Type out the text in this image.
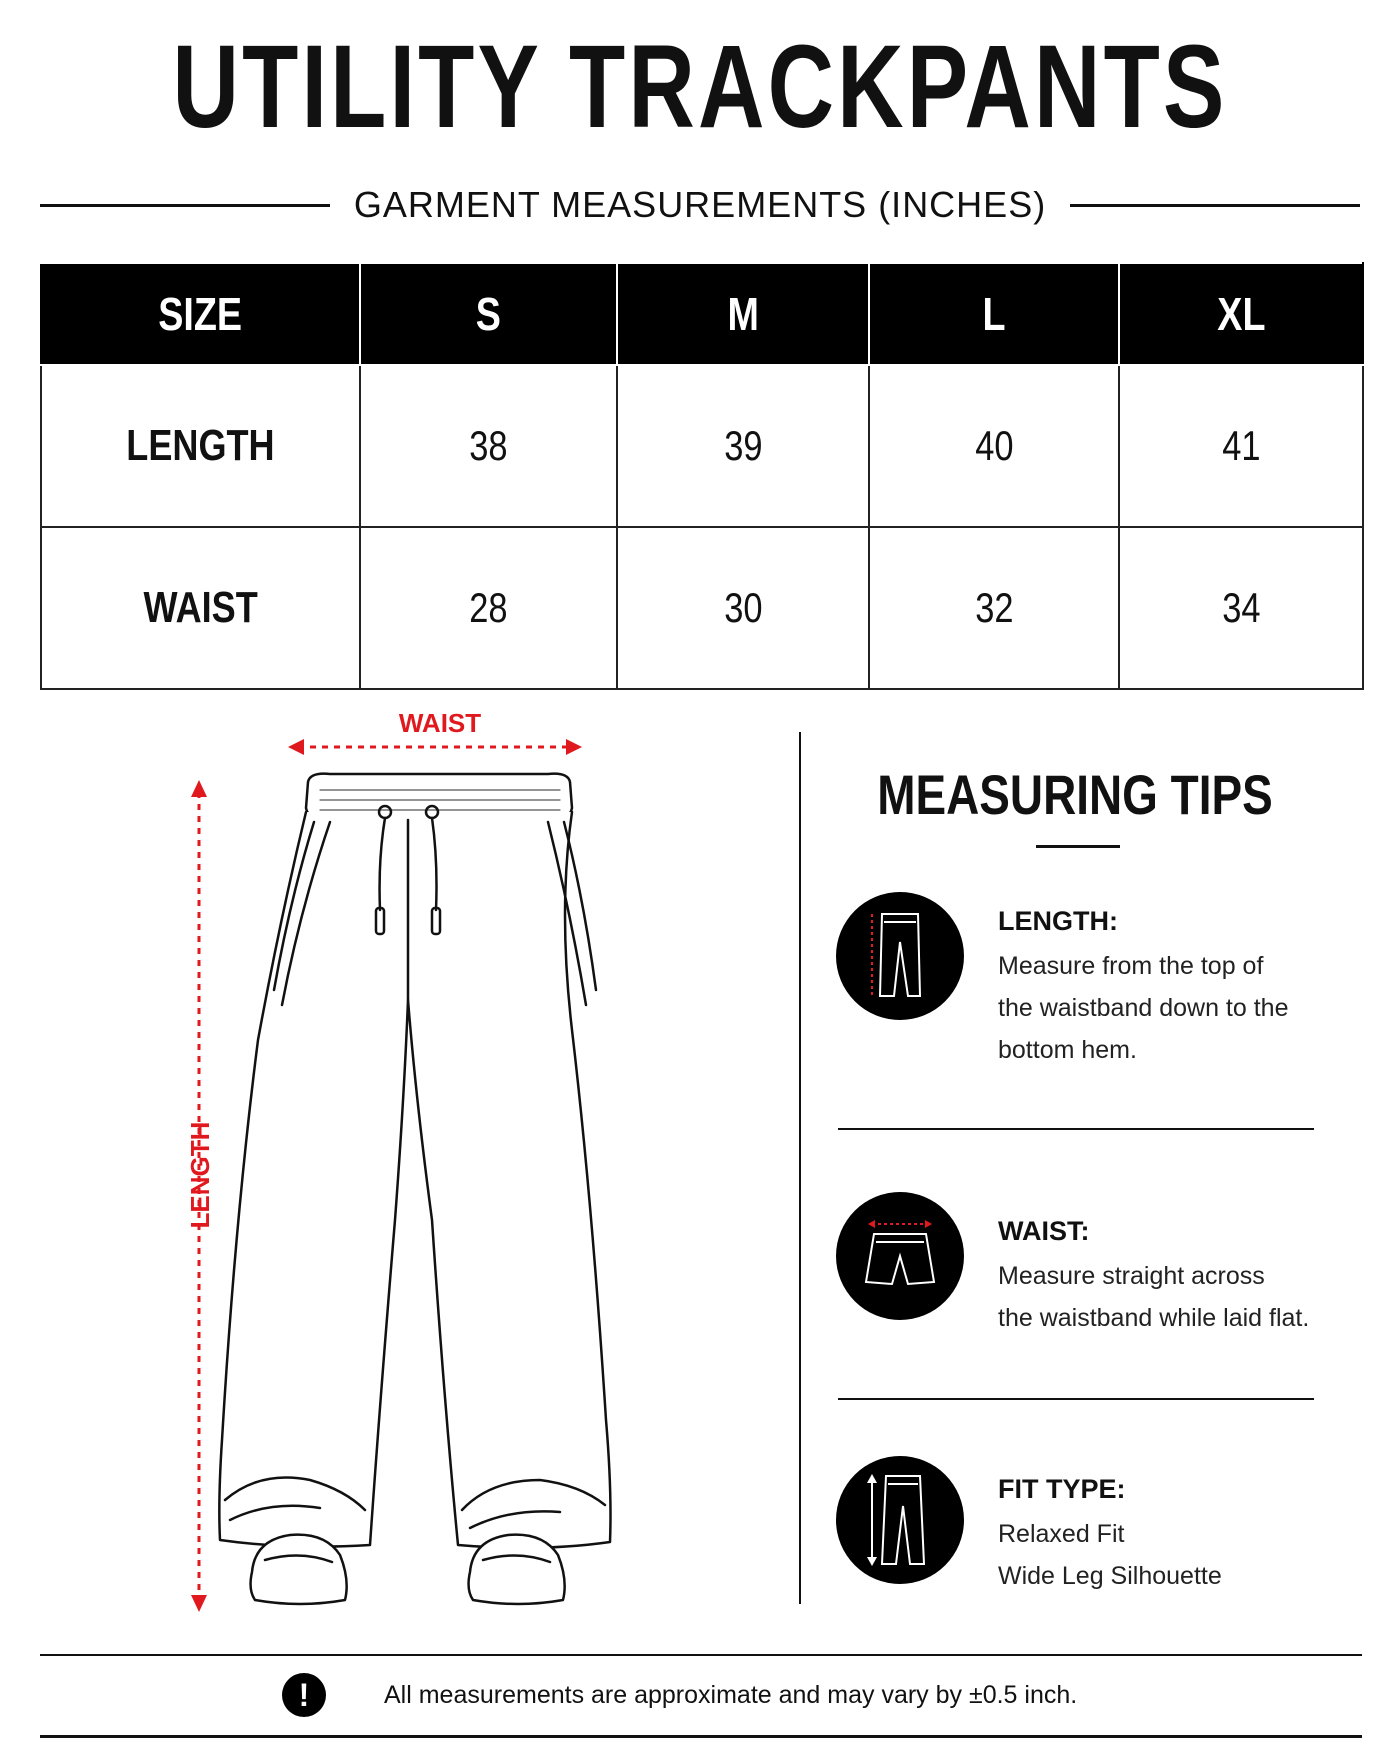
UTILITY TRACKPANTS
GARMENT MEASUREMENTS (INCHES)
SIZE	S	M	L	XL
LENGTH	38	39	40	41
WAIST	28	30	32	34
WAIST
LENGTH
MEASURING TIPS
LENGTH:
Measure from the top of
the waistband down to the
bottom hem.
WAIST:
Measure straight across
the waistband while laid flat.
FIT TYPE:
Relaxed Fit
Wide Leg Silhouette
!	All measurements are approximate and may vary by ±0.5 inch.
